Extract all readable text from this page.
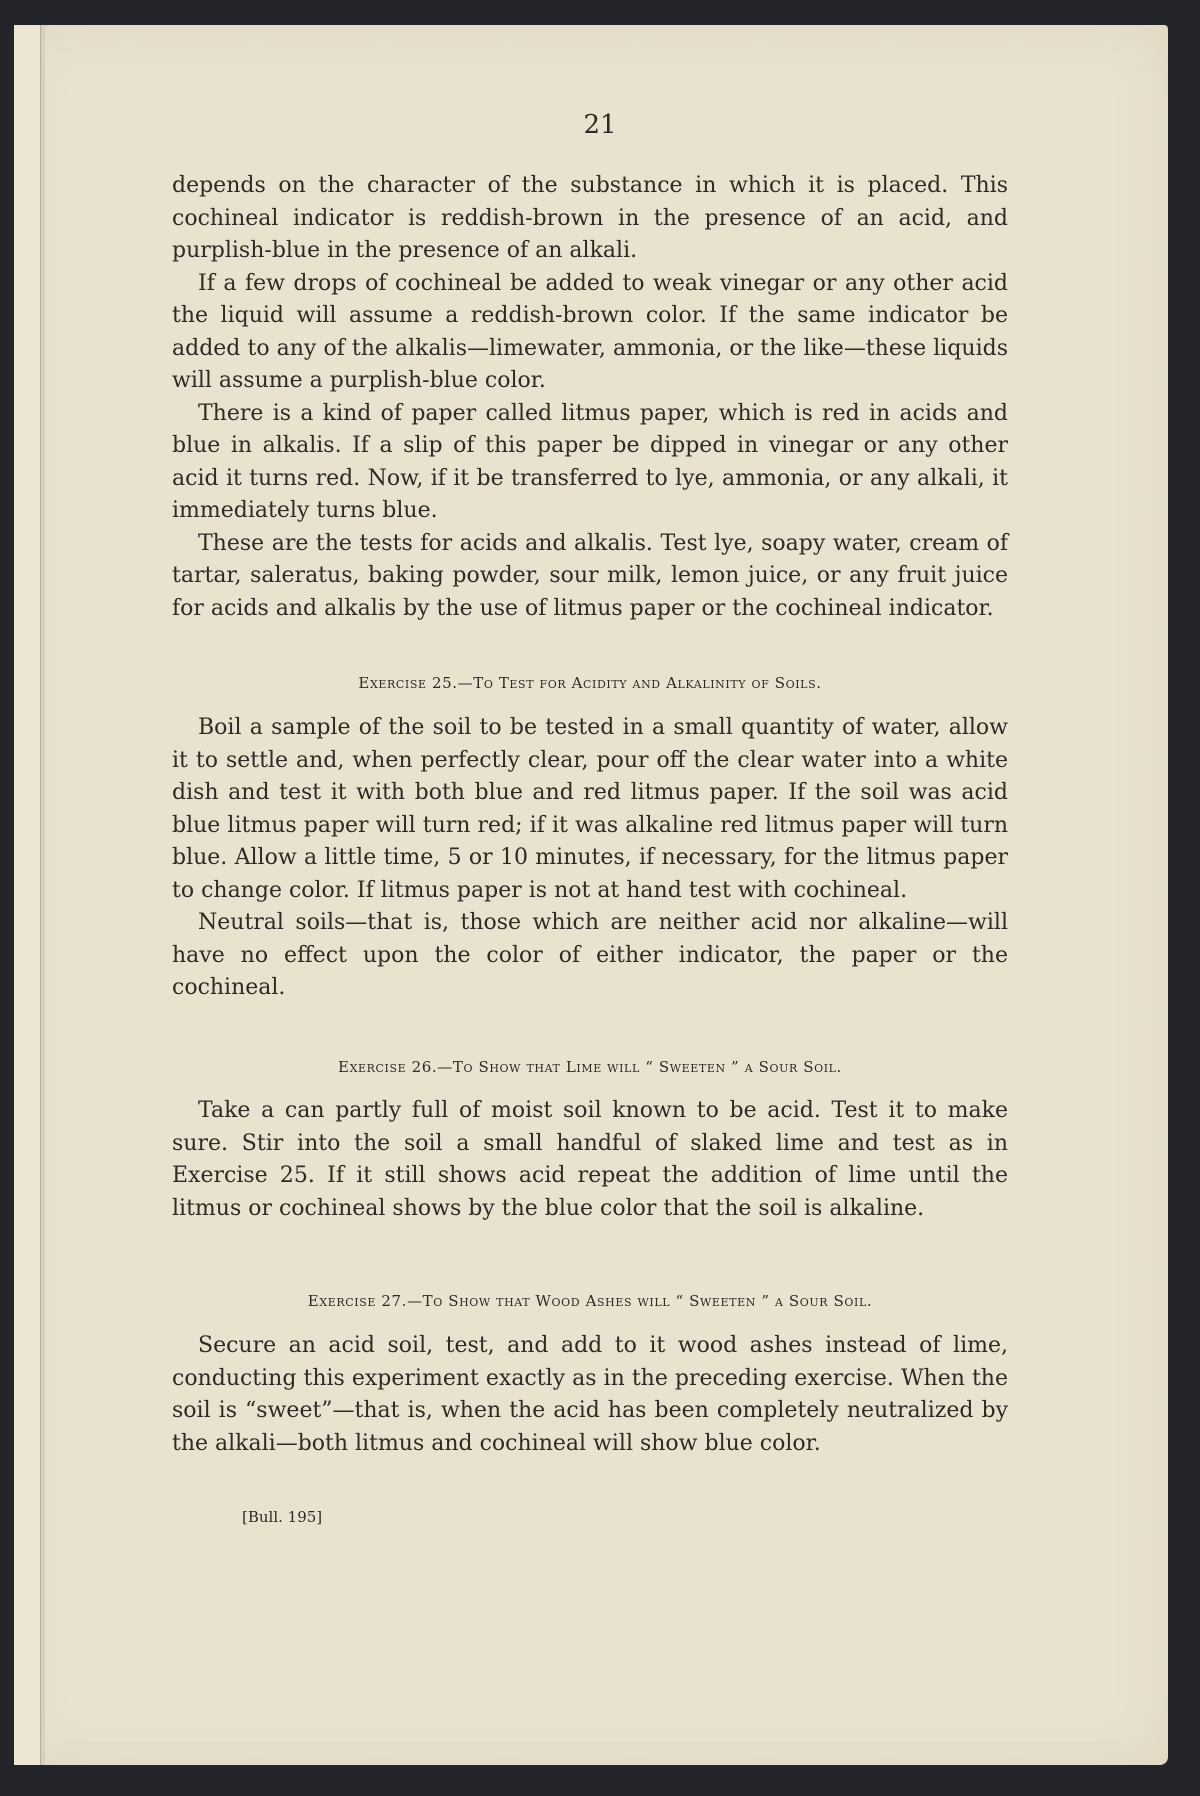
21

depends on the character of the substance in which it is placed. This cochineal indicator is reddish-brown in the presence of an acid, and purplish-blue in the presence of an alkali.

If a few drops of cochineal be added to weak vinegar or any other acid the liquid will assume a reddish-brown color. If the same indicator be added to any of the alkalis—limewater, ammonia, or the like—these liquids will assume a purplish-blue color.

There is a kind of paper called litmus paper, which is red in acids and blue in alkalis. If a slip of this paper be dipped in vinegar or any other acid it turns red. Now, if it be transferred to lye, ammonia, or any alkali, it immediately turns blue.

These are the tests for acids and alkalis. Test lye, soapy water, cream of tartar, saleratus, baking powder, sour milk, lemon juice, or any fruit juice for acids and alkalis by the use of litmus paper or the cochineal indicator.

Exercise 25.—To Test for Acidity and Alkalinity of Soils.

Boil a sample of the soil to be tested in a small quantity of water, allow it to settle and, when perfectly clear, pour off the clear water into a white dish and test it with both blue and red litmus paper. If the soil was acid blue litmus paper will turn red; if it was alkaline red litmus paper will turn blue. Allow a little time, 5 or 10 minutes, if necessary, for the litmus paper to change color. If litmus paper is not at hand test with cochineal.

Neutral soils—that is, those which are neither acid nor alkaline—will have no effect upon the color of either indicator, the paper or the cochineal.

Exercise 26.—To Show that Lime will “ Sweeten ” a Sour Soil.

Take a can partly full of moist soil known to be acid. Test it to make sure. Stir into the soil a small handful of slaked lime and test as in Exercise 25. If it still shows acid repeat the addition of lime until the litmus or cochineal shows by the blue color that the soil is alkaline.

Exercise 27.—To Show that Wood Ashes will “ Sweeten ” a Sour Soil.

Secure an acid soil, test, and add to it wood ashes instead of lime, conducting this experiment exactly as in the preceding exercise. When the soil is “sweet”—that is, when the acid has been completely neutralized by the alkali—both litmus and cochineal will show blue color.

[Bull. 195]
